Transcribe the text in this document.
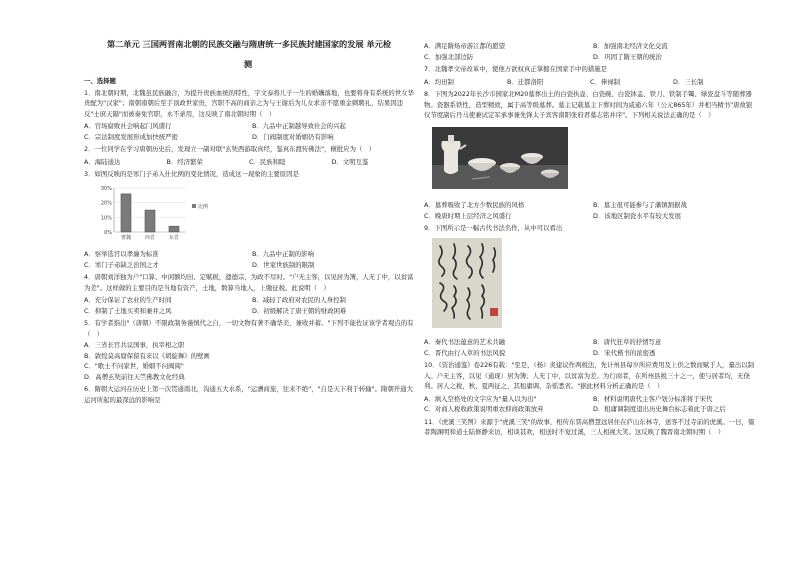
第二单元 三国两晋南北朝的民族交融与隋唐统一多民族封建国家的发展 单元检
测
一、选择题

1．南北朝时期，北魏虽民族融合，为提升贵族血统的特性，宇文泰将儿子一生的婚媾落地，也要将身有系统的世女华贵配为"汉家"；南朝南朝后至手顶政世家贵，宫职不高的商亲之为与王谢后为儿女求亲不愿重金刺聘礼，结果因违反"士庶天隔"而被奏免官职，永不录用，这反映了南北朝时期（　）

A．官场腐败社会响起门风盛行	B．九品中正制越导致社会的兴起
C．宗法制度发展形成加快统严密	D．门阀制度对婚姻仍有影响

2．一位同学在学习唐朝历史后，发现立一副对联"玄奘西游取真经，鉴真东渡传佛法"，横批应为（　）

A．海陆通达	B．经济繁荣	C．民族和睦	D．文明互鉴

3．如图反映的是寒门子弟入仕比例的变化情况，造成这一现象的主要原因是

0%
10%
20%
30%
曹魏	西晋	东晋
比例
A．察举选官以孝廉为标准	B．九品中正制的影响
C．寒门子弟缺乏治国之才	D．世家世族制的限制

4．唐朝刘洋独为户"口算、中闲额均田、定赋税，遗德宗，为政不尽时。"户无主客，以见居为簿，人无丁中，以贫富为差"。这样做的主要目的是当地有资产，土地，数算当地人，上缴征税。此说明（　）

A．充分保证了农业的生产时间	B．减轻了政府对农民的人身控制
C．抑制了土地买卖和兼并之风	D．初级解决了唐王朝的财政困难

5．有学者指出"（唐朝）不限政制务谨慎代之自，一切文物有著不确华美，兼收并蓄。"下列不能佐证该学者观点的有（　）

A．三省长官共议国事，执宰相之职
B．敦煌莫高窟保留有来以《胡旋舞》的壁画
C．"歌士不问家世，婚姻不问阀阅"
D．高僧玄奘前往天竺佛教文化经典

6．隋朝大运河在历史上第一次贯通南北，沟通五大水系，"运漕商旅，往来不绝"，"自是天下利于转输"。隋朝开通大运河所起的最深远的影响是

A．满足隋炀帝游江都的愿望	B．加强南北经济文化交流
C．加强北部边防	D．巩固了隋王朝的统治

7．北魏孝文帝改革中，使他万欲权真正掌握在国家手中的措施是

A．均田制	B．迁都洛阳	C．俸禄制	D．三长制

8．下图为2022年长沙市园家北M20墓葬出土的白瓷执壶、白瓷碗、白瓷钵盂、铁刀、铁制手镯、绿瓷盘斗等随葬器物。瓷器系铁性，造型精致，属于高等级墓葬。墓主记载墓主下葬时间为咸通六年（公元865年）并相当精书"唐故银仪节度副后丹马使兼试定军承事兼先锋太子宾客南阳张府君墓志铭并序"。下列相关说法正确的是（　）

A．墓葬吸收了北方少数民族的风格	B．墓主很可能参与了藩镇割据战
C．晚唐时期上层经济之风盛行	D．该地区制瓷水平有较大发展

9．下图所示是一幅古代书法名作，从中可以看出

A．秦代书法蕴意的艺术共融	B．唐代狂草的抒情写意
C．晋代由行入草的书法风貌	D．宋代楷书的浓密透

10．《资治通鉴》卷226有载："至是，（杨）炎建议作两税法，先计州县每岁所应费用及上供之数而赋于人，量出以制入。户无主客，以见（通现）居为簿；人无丁中，以贫富为差。为行商者，在所州县税三十之一，使与居者均，无侥利。居人之税，秋、夏两征之，其租庸调、杂徭悉省。"据此材料分析正确的是（　）

A．填入空格处的文字应为"量入以为出"	B．材料说明唐代主客户划分标准将于宋代
C．对商人税收政策说明重农抑商政策放弃	D．租庸调制度退出历史舞台标志着此于唐之后

11．《虎溪三笑图》来源于"虎溪三笑"的故事，相传东晋高僧慧远居住在庐山东林寺，送客不过寺前的虎溪。一日，儒者陶渊明和道士陆修静来访，相谈甚欢，相送时不觉过溪，三人相视大笑。这反映了魏晋南北朝时期（　）
